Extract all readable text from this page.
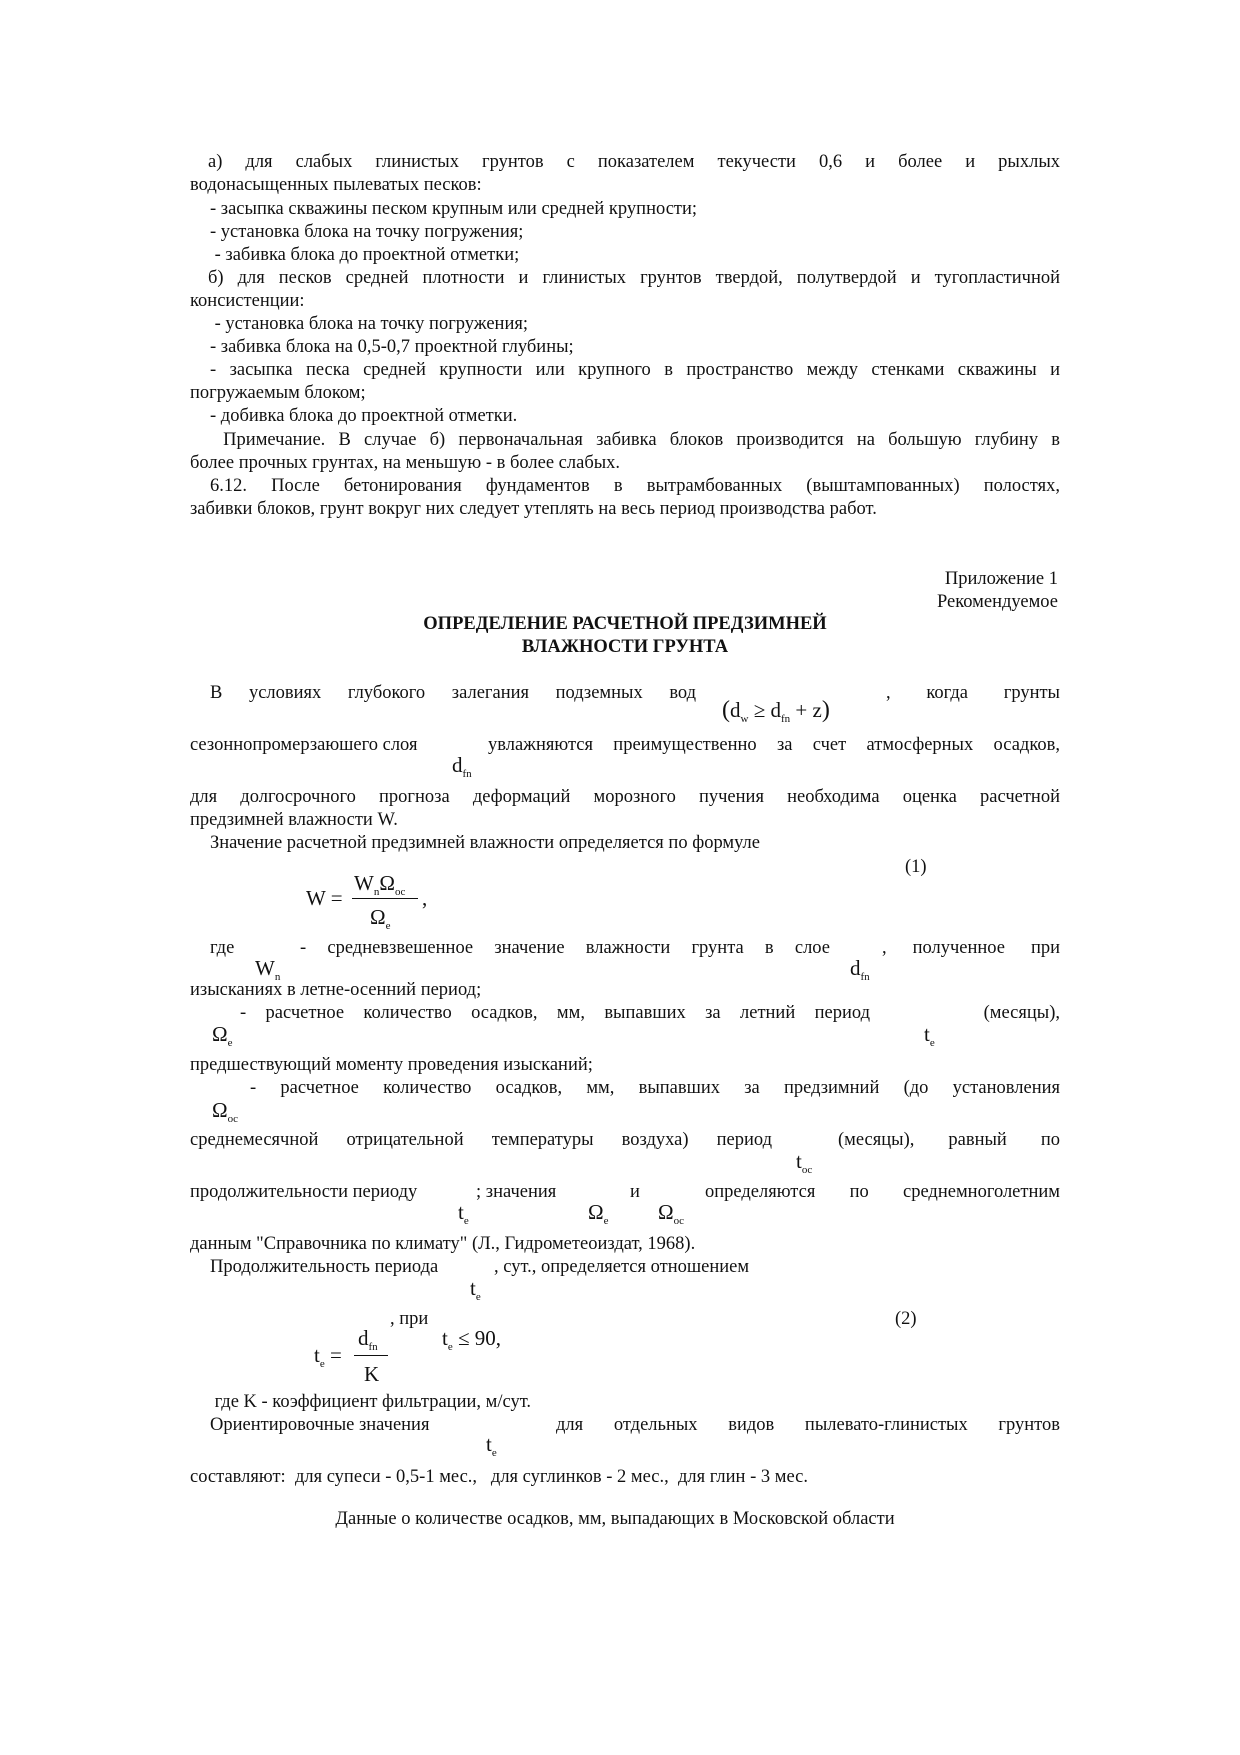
а) для слабых глинистых грунтов с показателем текучести 0,6 и более и рыхлых

водонасыщенных пылеватых песков:

- засыпка скважины песком крупным или средней крупности;

- установка блока на точку погружения;

- забивка блока до проектной отметки;

б) для песков средней плотности и глинистых грунтов твердой, полутвердой и тугопластичной

консистенции:

- установка блока на точку погружения;

- забивка блока на 0,5-0,7 проектной глубины;

- засыпка песка средней крупности или крупного в пространство между стенками скважины и

погружаемым блоком;

- добивка блока до проектной отметки.

Примечание. В случае б) первоначальная забивка блоков производится на большую глубину в

более прочных грунтах, на меньшую - в более слабых.

6.12. После бетонирования фундаментов в вытрамбованных (выштампованных) полостях,

забивки блоков, грунт вокруг них следует утеплять на весь период производства работ.

Приложение 1

Рекомендуемое

ОПРЕДЕЛЕНИЕ РАСЧЕТНОЙ ПРЕДЗИМНЕЙ

ВЛАЖНОСТИ ГРУНТА

В условиях глубокого залегания подземных вод

$(d_w \ge d_{fn} + z)$

, когда грунты

сезоннопромерзаюшего слоя

$d_{fn}$

увлажняются преимущественно за счет атмосферных осадков,

для долгосрочного прогноза деформаций морозного пучения необходима оценка расчетной

предзимней влажности W.

Значение расчетной предзимней влажности определяется по формуле

(1)

W =
$W_n\Omega_{oc}$ ,
$\Omega_e$

где

$W_n$

- средневзвешенное значение влажности грунта в слое

$d_{fn}$

, полученное при

изысканиях в летне-осенний период;

$\Omega_e$

- расчетное количество осадков, мм, выпавших за летний период

$t_e$

(месяцы),

предшествующий моменту проведения изысканий;

$\Omega_{oc}$

- расчетное количество осадков, мм, выпавших за предзимний (до установления

среднемесячной отрицательной температуры воздуха) период

$t_{oc}$

(месяцы), равный по

продолжительности периоду

$t_e$

; значения

$\Omega_e$

и

$\Omega_{oc}$

определяются по среднемноголетним

данным "Справочника по климату" (Л., Гидрометеоиздат, 1968).

Продолжительность периода

$t_e$

, сут., определяется отношением

, при	(2)

$t_e \le 90$,
$t_e$ =
$d_{fn}$
K

где K - коэффициент фильтрации, м/сут.

Ориентировочные значения

$t_e$

для отдельных видов пылевато-глинистых грунтов

составляют:  для супеси - 0,5-1 мес.,   для суглинков - 2 мес.,  для глин - 3 мес.

Данные о количестве осадков, мм, выпадающих в Московской области
